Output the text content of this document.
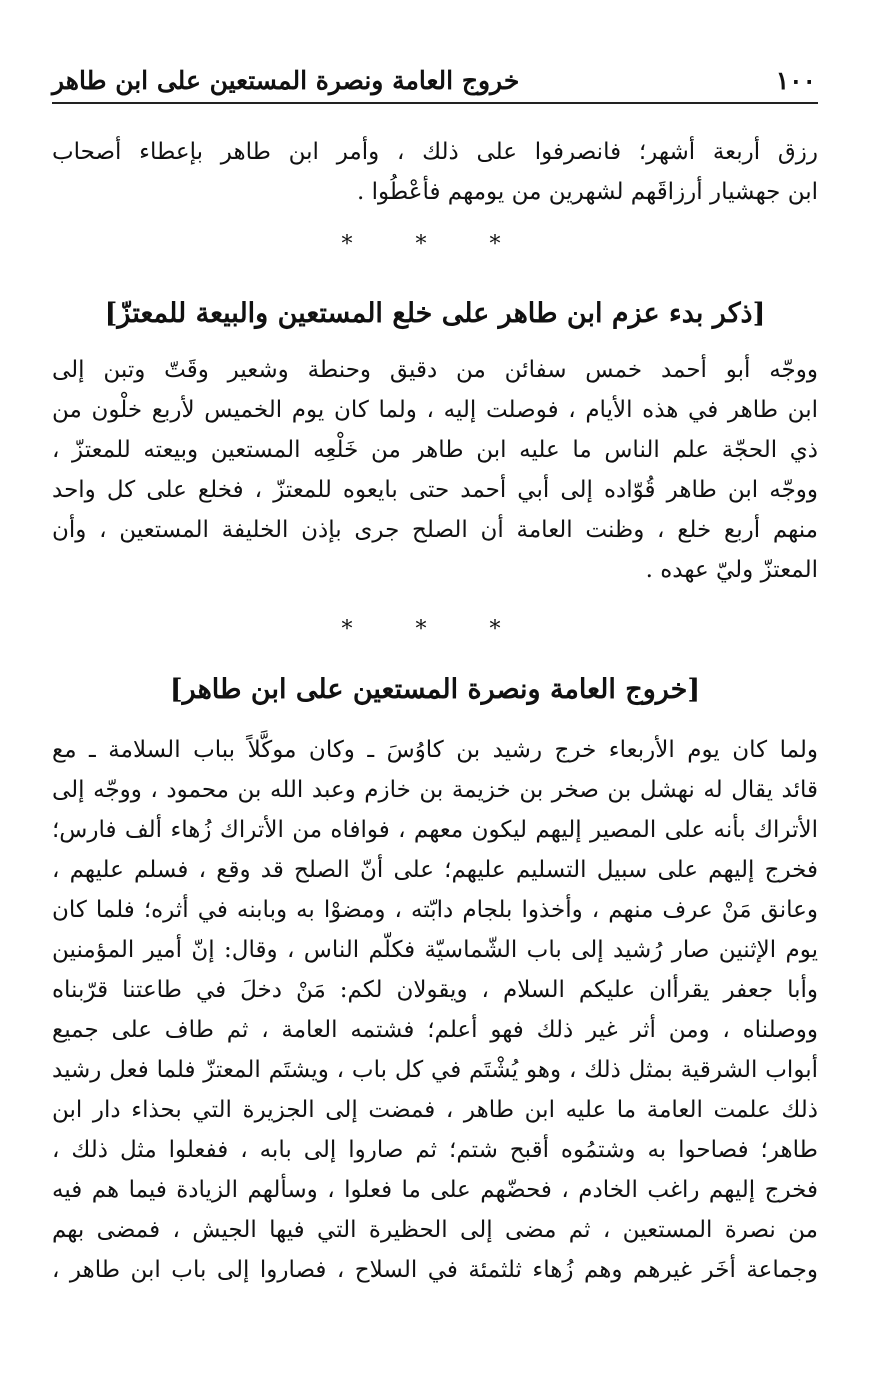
١٠٠
خروج العامة ونصرة المستعين على ابن طاهر
رزق أربعة أشهر؛ فانصرفوا على ذلك ، وأمر ابن طاهر بإعطاء أصحاب
ابن جهشيار أرزاقَهم لشهرين من يومهم فأعْطُوا .
* * *
[ذكر بدء عزم ابن طاهر على خلع المستعين والبيعة للمعتزّ]
ووجّه أبو أحمد خمس سفائن من دقيق وحنطة وشعير وقَتّ وتبن إلى
ابن طاهر في هذه الأيام ، فوصلت إليه ، ولما كان يوم الخميس لأربع خلْون من
ذي الحجّة علم الناس ما عليه ابن طاهر من خَلْعِه المستعين وبيعته للمعتزّ ،
ووجّه ابن طاهر قُوّاده إلى أبي أحمد حتى بايعوه للمعتزّ ، فخلع على كل واحد
منهم أربع خلع ، وظنت العامة أن الصلح جرى بإذن الخليفة المستعين ، وأن
المعتزّ وليّ عهده .
* * *
[خروج العامة ونصرة المستعين على ابن طاهر]
ولما كان يوم الأربعاء خرج رشيد بن كاوُسَ ـ وكان موكَّلاً بباب السلامة ـ مع
قائد يقال له نهشل بن صخر بن خزيمة بن خازم وعبد الله بن محمود ، ووجّه إلى
الأتراك بأنه على المصير إليهم ليكون معهم ، فوافاه من الأتراك زُهاء ألف فارس؛
فخرج إليهم على سبيل التسليم عليهم؛ على أنّ الصلح قد وقع ، فسلم عليهم ،
وعانق مَنْ عرف منهم ، وأخذوا بلجام دابّته ، ومضوْا به وبابنه في أثره؛ فلما كان
يوم الإثنين صار رُشيد إلى باب الشّماسيّة فكلّم الناس ، وقال: إنّ أمير المؤمنين
وأبا جعفر يقرأان عليكم السلام ، ويقولان لكم: مَنْ دخلَ في طاعتنا قرّبناه
ووصلناه ، ومن أثر غير ذلك فهو أعلم؛ فشتمه العامة ، ثم طاف على جميع
أبواب الشرقية بمثل ذلك ، وهو يُشْتَم في كل باب ، ويشتَم المعتزّ فلما فعل رشيد
ذلك علمت العامة ما عليه ابن طاهر ، فمضت إلى الجزيرة التي بحذاء دار ابن
طاهر؛ فصاحوا به وشتمُوه أقبح شتم؛ ثم صاروا إلى بابه ، ففعلوا مثل ذلك ،
فخرج إليهم راغب الخادم ، فحضّهم على ما فعلوا ، وسألهم الزيادة فيما هم فيه
من نصرة المستعين ، ثم مضى إلى الحظيرة التي فيها الجيش ، فمضى بهم
وجماعة أخَر غيرهم وهم زُهاء ثلثمئة في السلاح ، فصاروا إلى باب ابن طاهر ،
